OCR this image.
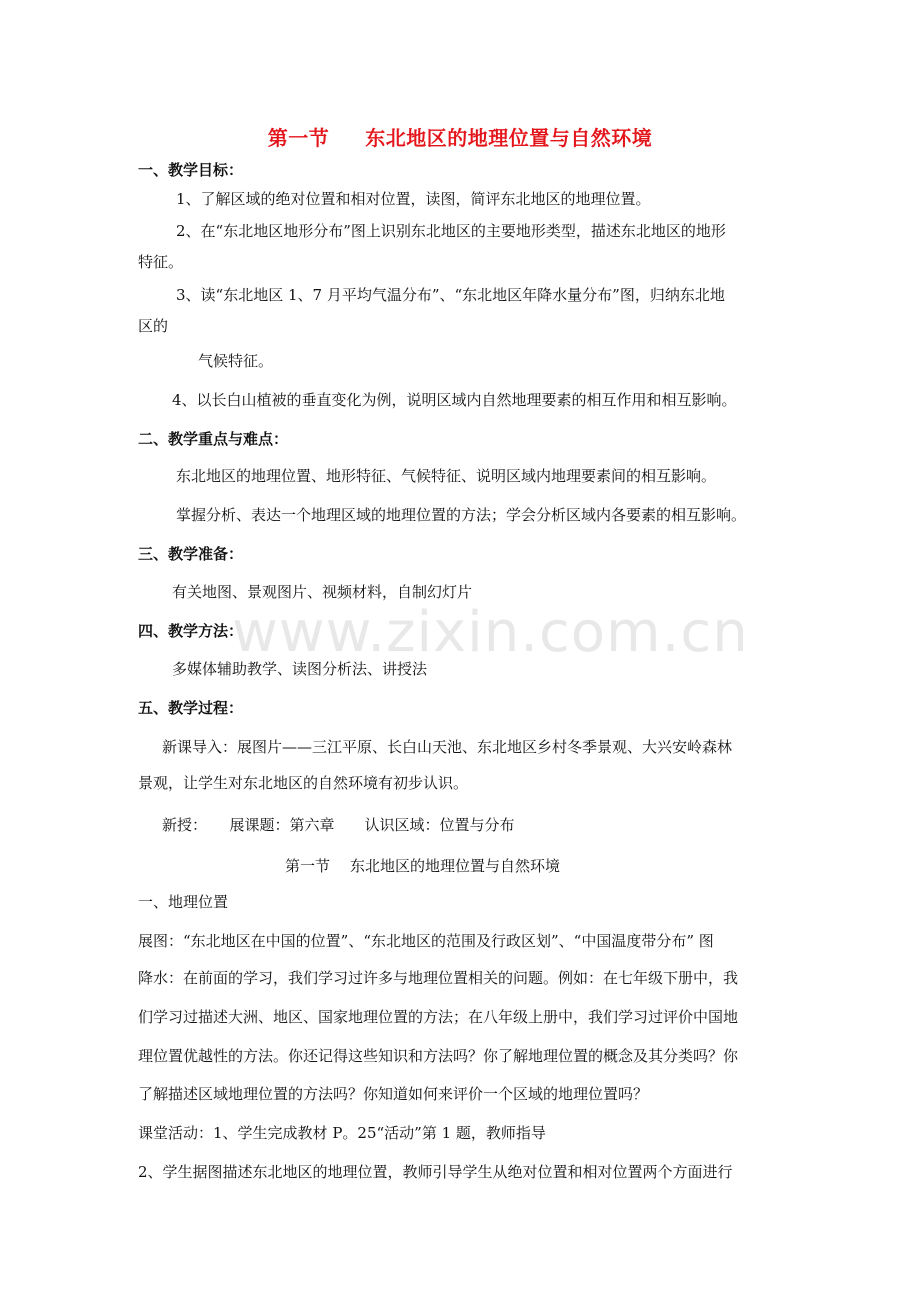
www.zixin.com.cn
第一节 东北地区的地理位置与自然环境
一、教学目标：
1、了解区域的绝对位置和相对位置，读图，简评东北地区的地理位置。
2、在“东北地区地形分布”图上识别东北地区的主要地形类型，描述东北地区的地形
特征。
3、读“东北地区 1、7 月平均气温分布”、“东北地区年降水量分布”图，归纳东北地
区的
气候特征。
4、以长白山植被的垂直变化为例，说明区域内自然地理要素的相互作用和相互影响。
二、教学重点与难点：
东北地区的地理位置、地形特征、气候特征、说明区域内地理要素间的相互影响。
掌握分析、表达一个地理区域的地理位置的方法；学会分析区域内各要素的相互影响。
三、教学准备：
有关地图、景观图片、视频材料，自制幻灯片
四、教学方法：
多媒体辅助教学、读图分析法、讲授法
五、教学过程：
新课导入：展图片——三江平原、长白山天池、东北地区乡村冬季景观、大兴安岭森林
景观，让学生对东北地区的自然环境有初步认识。
新授：　　展课题：第六章　　认识区域：位置与分布
第一节 东北地区的地理位置与自然环境
一、地理位置
展图：“东北地区在中国的位置”、“东北地区的范围及行政区划”、“中国温度带分布” 图
降水：在前面的学习，我们学习过许多与地理位置相关的问题。例如：在七年级下册中，我
们学习过描述大洲、地区、国家地理位置的方法；在八年级上册中，我们学习过评价中国地
理位置优越性的方法。你还记得这些知识和方法吗？你了解地理位置的概念及其分类吗？你
了解描述区域地理位置的方法吗？你知道如何来评价一个区域的地理位置吗？
课堂活动：1、学生完成教材 P。25“活动”第 1 题，教师指导
2、学生据图描述东北地区的地理位置，教师引导学生从绝对位置和相对位置两个方面进行
